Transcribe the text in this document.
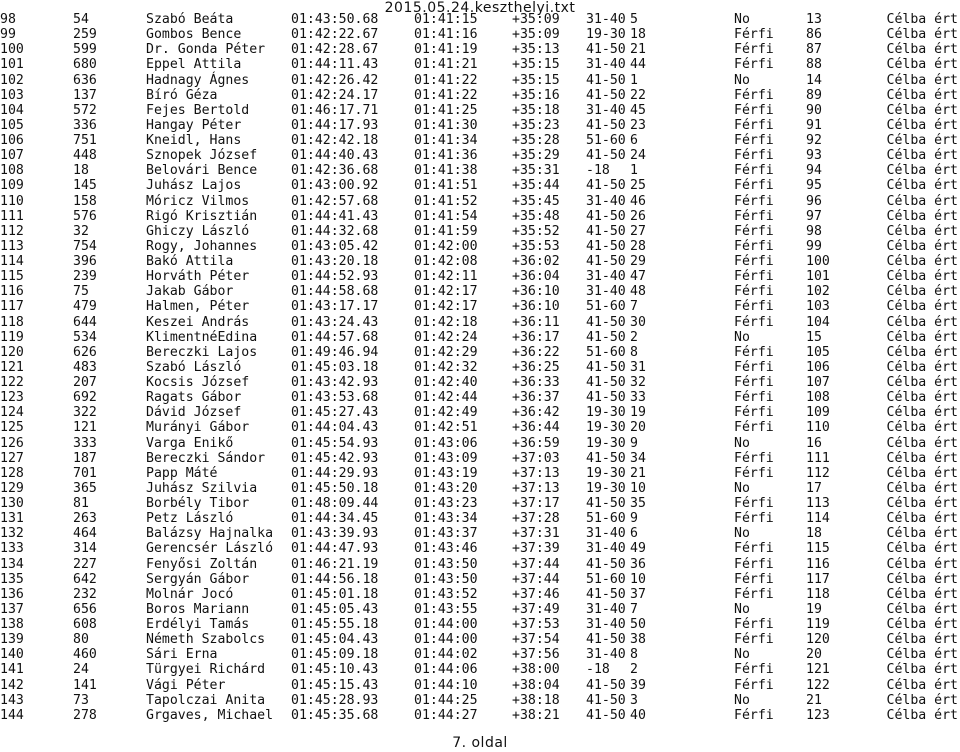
2015.05.24.keszthelyi.txt
98	54	Szabó Beáta	01:43:50.68	01:41:15	+35:09 31-40 5	No	13	Célba ért
99	259	Gombos Bence	01:42:22.67	01:41:16	+35:09 19-30 18	Férfi 86	Célba ért
100	599	Dr. Gonda Péter 01:42:28.67	01:41:19	+35:13 41-50 21	Férfi 87	Célba ért
101	680	Eppel Attila	01:44:11.43	01:41:21	+35:15 31-40 44	Férfi 88	Célba ért
102	636	Hadnagy Ágnes	01:42:26.42	01:41:22	+35:15 41-50 1	No	14	Célba ért
103	137	Bíró Géza	01:42:24.17	01:41:22	+35:16 41-50 22	Férfi 89	Célba ért
104	572	Fejes Bertold	01:46:17.71	01:41:25	+35:18 31-40 45	Férfi 90	Célba ért
105	336	Hangay Péter	01:44:17.93	01:41:30	+35:23 41-50 23	Férfi 91	Célba ért
106	751	Kneidl, Hans	01:42:42.18	01:41:34	+35:28 51-60 6	Férfi 92	Célba ért
107	448	Sznopek József	01:44:40.43	01:41:36	+35:29 41-50 24	Férfi 93	Célba ért
108	18	Belovári Bence	01:42:36.68	01:41:38	+35:31 -18 1	Férfi 94	Célba ért
109	145	Juhász Lajos	01:43:00.92	01:41:51	+35:44 41-50 25	Férfi 95	Célba ért
110	158	Móricz Vilmos	01:42:57.68	01:41:52	+35:45 31-40 46	Férfi 96	Célba ért
111	576	Rigó Krisztián	01:44:41.43	01:41:54	+35:48 41-50 26	Férfi 97	Célba ért
112	32	Ghiczy László	01:44:32.68	01:41:59	+35:52 41-50 27	Férfi 98	Célba ért
113	754	Rogy, Johannes	01:43:05.42	01:42:00	+35:53 41-50 28	Férfi 99	Célba ért
114	396	Bakó Attila	01:43:20.18	01:42:08	+36:02 41-50 29	Férfi 100	Célba ért
115	239	Horváth Péter	01:44:52.93	01:42:11	+36:04 31-40 47	Férfi 101	Célba ért
116	75	Jakab Gábor	01:44:58.68	01:42:17	+36:10 31-40 48	Férfi 102	Célba ért
117	479	Halmen, Péter	01:43:17.17	01:42:17	+36:10 51-60 7	Férfi 103	Célba ért
118	644	Keszei András	01:43:24.43	01:42:18	+36:11 41-50 30	Férfi 104	Célba ért
119	534	KlimentnéEdina	01:44:57.68	01:42:24	+36:17 41-50 2	No	15	Célba ért
120	626	Bereczki Lajos	01:49:46.94	01:42:29	+36:22 51-60 8	Férfi 105	Célba ért
121	483	Szabó László	01:45:03.18	01:42:32	+36:25 41-50 31	Férfi 106	Célba ért
122	207	Kocsis József	01:43:42.93	01:42:40	+36:33 41-50 32	Férfi 107	Célba ért
123	692	Ragats Gábor	01:43:53.68	01:42:44	+36:37 41-50 33	Férfi 108	Célba ért
124	322	Dávid József	01:45:27.43	01:42:49	+36:42 19-30 19	Férfi 109	Célba ért
125	121	Murányi Gábor	01:44:04.43	01:42:51	+36:44 19-30 20	Férfi 110	Célba ért
126	333	Varga Enikő	01:45:54.93	01:43:06	+36:59 19-30 9	No	16	Célba ért
127	187	Bereczki Sándor 01:45:42.93	01:43:09	+37:03 41-50 34	Férfi 111	Célba ért
128	701	Papp Máté	01:44:29.93	01:43:19	+37:13 19-30 21	Férfi 112	Célba ért
129	365	Juhász Szilvia	01:45:50.18	01:43:20	+37:13 19-30 10	No	17	Célba ért
130	81	Borbély Tibor	01:48:09.44	01:43:23	+37:17 41-50 35	Férfi 113	Célba ért
131	263	Petz László	01:44:34.45	01:43:34	+37:28 51-60 9	Férfi 114	Célba ért
132	464	Balázsy Hajnalka 01:43:39.93	01:43:37	+37:31 31-40 6	No	18	Célba ért
133	314	Gerencsér László 01:44:47.93	01:43:46	+37:39 31-40 49	Férfi 115	Célba ért
134	227	Fenyősi Zoltán	01:46:21.19	01:43:50	+37:44 41-50 36	Férfi 116	Célba ért
135	642	Sergyán Gábor	01:44:56.18	01:43:50	+37:44 51-60 10	Férfi 117	Célba ért
136	232	Molnár Jocó	01:45:01.18	01:43:52	+37:46 41-50 37	Férfi 118	Célba ért
137	656	Boros Mariann	01:45:05.43	01:43:55	+37:49 31-40 7	No	19	Célba ért
138	608	Erdélyi Tamás	01:45:55.18	01:44:00	+37:53 31-40 50	Férfi 119	Célba ért
139	80	Németh Szabolcs 01:45:04.43	01:44:00	+37:54 41-50 38	Férfi 120	Célba ért
140	460	Sári Erna	01:45:09.18	01:44:02	+37:56 31-40 8	No	20	Célba ért
141	24	Türgyei Richárd 01:45:10.43	01:44:06	+38:00 -18 2	Férfi 121	Célba ért
142	141	Vági Péter	01:45:15.43	01:44:10	+38:04 41-50 39	Férfi 122	Célba ért
143	73	Tapolczai Anita 01:45:28.93	01:44:25	+38:18 41-50 3	No	21	Célba ért
144	278	Grgaves, Michael 01:45:35.68	01:44:27	+38:21 41-50 40	Férfi 123	Célba ért
7. oldal
